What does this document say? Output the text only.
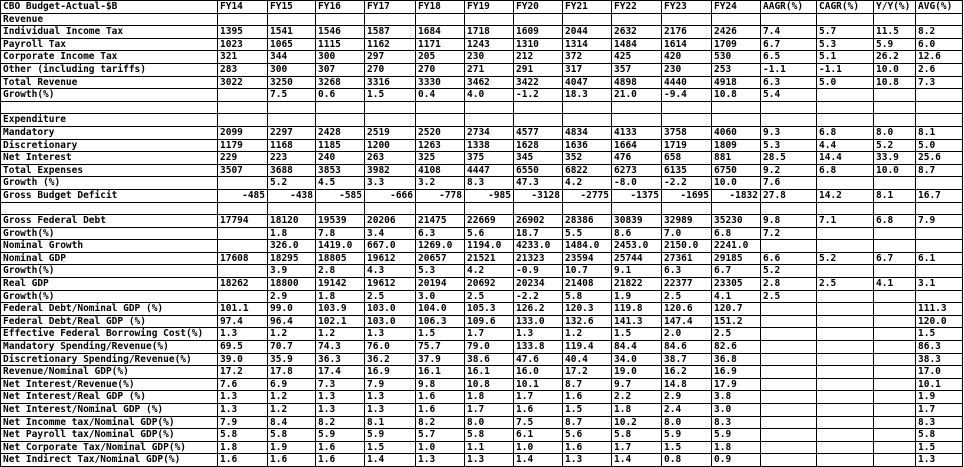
CBO Budget-Actual-$B	FY14	FY15	FY16	FY17	FY18	FY19	FY20	FY21	FY22	FY23	FY24	AAGR(%)	CAGR(%)	Y/Y(%)	AVG(%)
Revenue															
Individual Income Tax	1395	1541	1546	1587	1684	1718	1609	2044	2632	2176	2426	7.4	5.7	11.5	8.2
Payroll Tax	1023	1065	1115	1162	1171	1243	1310	1314	1484	1614	1709	6.7	5.3	5.9	6.0
Corporate Income Tax	321	344	300	297	205	230	212	372	425	420	530	6.5	5.1	26.2	12.6
Other (including tariffs)	283	300	307	270	270	271	291	317	357	230	253	-1.1	-1.1	10.0	2.6
Total Revenue	3022	3250	3268	3316	3330	3462	3422	4047	4898	4440	4918	6.3	5.0	10.8	7.3
Growth(%)		7.5	0.6	1.5	0.4	4.0	-1.2	18.3	21.0	-9.4	10.8	5.4			

Expenditure															
Mandatory	2099	2297	2428	2519	2520	2734	4577	4834	4133	3758	4060	9.3	6.8	8.0	8.1
Discretionary	1179	1168	1185	1200	1263	1338	1628	1636	1664	1719	1809	5.3	4.4	5.2	5.0
Net Interest	229	223	240	263	325	375	345	352	476	658	881	28.5	14.4	33.9	25.6
Total Expenses	3507	3688	3853	3982	4108	4447	6550	6822	6273	6135	6750	9.2	6.8	10.0	8.7
Growth (%)		5.2	4.5	3.3	3.2	8.3	47.3	4.2	-8.0	-2.2	10.0	7.6			
Gross Budget Deficit	-485	-438	-585	-666	-778	-985	-3128	-2775	-1375	-1695	-1832	27.8	14.2	8.1	16.7

Gross Federal Debt	17794	18120	19539	20206	21475	22669	26902	28386	30839	32989	35230	9.8	7.1	6.8	7.9
Growth(%)		1.8	7.8	3.4	6.3	5.6	18.7	5.5	8.6	7.0	6.8	7.2			
Nominal Growth		326.0	1419.0	667.0	1269.0	1194.0	4233.0	1484.0	2453.0	2150.0	2241.0				
Nominal GDP	17608	18295	18805	19612	20657	21521	21323	23594	25744	27361	29185	6.6	5.2	6.7	6.1
Growth(%)		3.9	2.8	4.3	5.3	4.2	-0.9	10.7	9.1	6.3	6.7	5.2			
Real GDP	18262	18800	19142	19612	20194	20692	20234	21408	21822	22377	23305	2.8	2.5	4.1	3.1
Growth(%)		2.9	1.8	2.5	3.0	2.5	-2.2	5.8	1.9	2.5	4.1	2.5			
Federal Debt/Nominal GDP (%)	101.1	99.0	103.9	103.0	104.0	105.3	126.2	120.3	119.8	120.6	120.7				111.3
Federal Debt/Real GDP (%)	97.4	96.4	102.1	103.0	106.3	109.6	133.0	132.6	141.3	147.4	151.2				120.0
Effective Federal Borrowing Cost(%)	1.3	1.2	1.2	1.3	1.5	1.7	1.3	1.2	1.5	2.0	2.5				1.5
Mandatory Spending/Revenue(%)	69.5	70.7	74.3	76.0	75.7	79.0	133.8	119.4	84.4	84.6	82.6				86.3
Discretionary Spending/Revenue(%)	39.0	35.9	36.3	36.2	37.9	38.6	47.6	40.4	34.0	38.7	36.8				38.3
Revenue/Nominal GDP(%)	17.2	17.8	17.4	16.9	16.1	16.1	16.0	17.2	19.0	16.2	16.9				17.0
Net Interest/Revenue(%)	7.6	6.9	7.3	7.9	9.8	10.8	10.1	8.7	9.7	14.8	17.9				10.1
Net Interest/Real GDP (%)	1.3	1.2	1.3	1.3	1.6	1.8	1.7	1.6	2.2	2.9	3.8				1.9
Net Interest/Nominal GDP (%)	1.3	1.2	1.3	1.3	1.6	1.7	1.6	1.5	1.8	2.4	3.0				1.7
Net Incomme tax/Nominal GDP(%)	7.9	8.4	8.2	8.1	8.2	8.0	7.5	8.7	10.2	8.0	8.3				8.3
Net Payroll tax/Nominal GDP(%)	5.8	5.8	5.9	5.9	5.7	5.8	6.1	5.6	5.8	5.9	5.9				5.8
Net Corporate Tax/Nominal GDP(%)	1.8	1.9	1.6	1.5	1.0	1.1	1.0	1.6	1.7	1.5	1.8				1.5
Net Indirect Tax/Nominal GDP(%)	1.6	1.6	1.6	1.4	1.3	1.3	1.4	1.3	1.4	0.8	0.9				1.3
